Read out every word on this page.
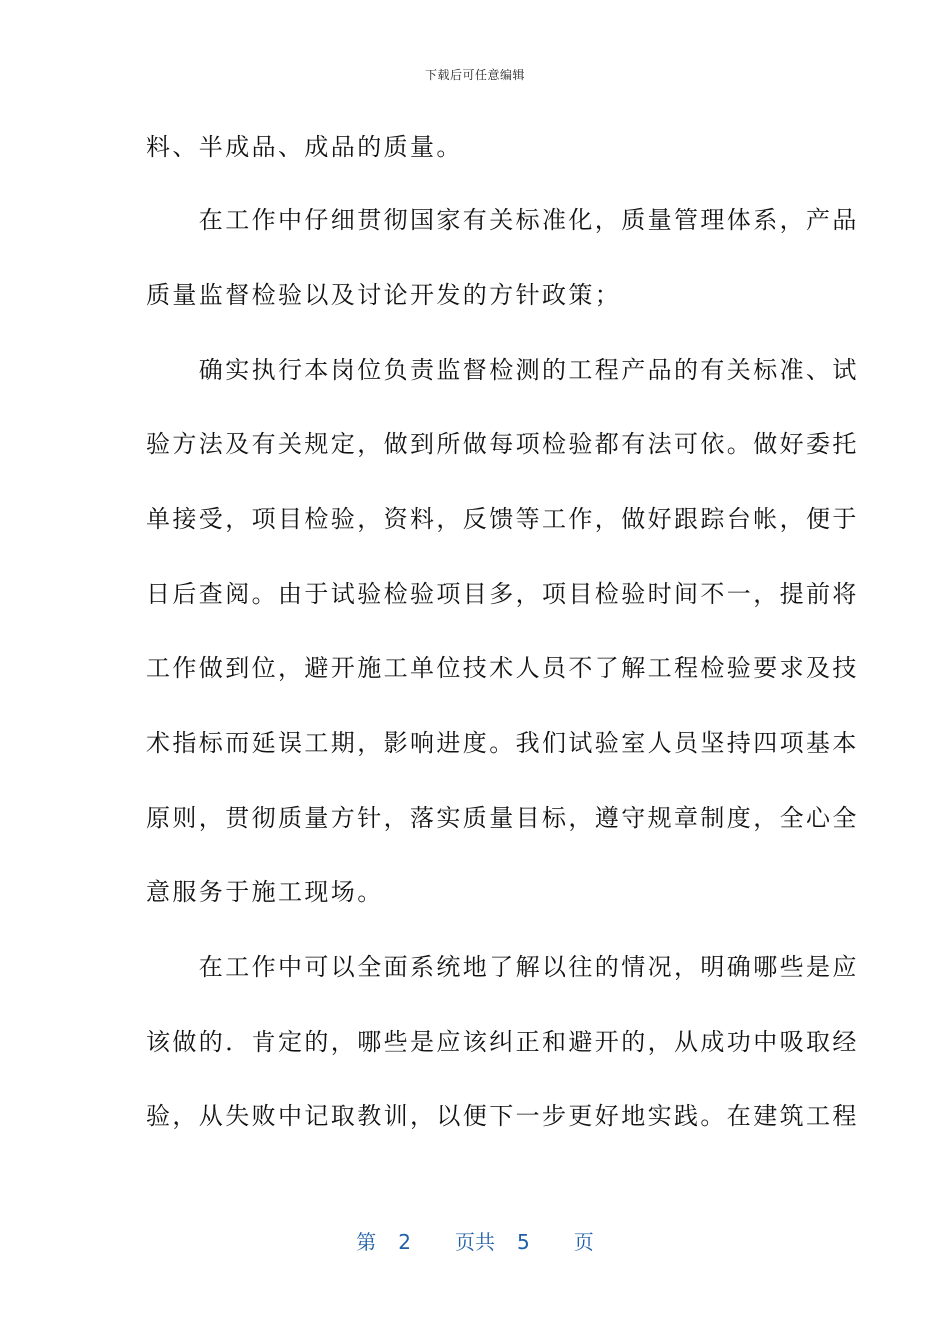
下载后可任意编辑
料、半成品、成品的质量。
　　在工作中仔细贯彻国家有关标准化，质量管理体系，产品
质量监督检验以及讨论开发的方针政策；
　　确实执行本岗位负责监督检测的工程产品的有关标准、试
验方法及有关规定，做到所做每项检验都有法可依。做好委托
单接受，项目检验，资料，反馈等工作，做好跟踪台帐，便于
日后查阅。由于试验检验项目多，项目检验时间不一，提前将
工作做到位，避开施工单位技术人员不了解工程检验要求及技
术指标而延误工期，影响进度。我们试验室人员坚持四项基本
原则，贯彻质量方针，落实质量目标，遵守规章制度，全心全
意服务于施工现场。
　　在工作中可以全面系统地了解以往的情况，明确哪些是应
该做的．肯定的，哪些是应该纠正和避开的，从成功中吸取经
验，从失败中记取教训，以便下一步更好地实践。在建筑工程
第 2 页共 5 页
